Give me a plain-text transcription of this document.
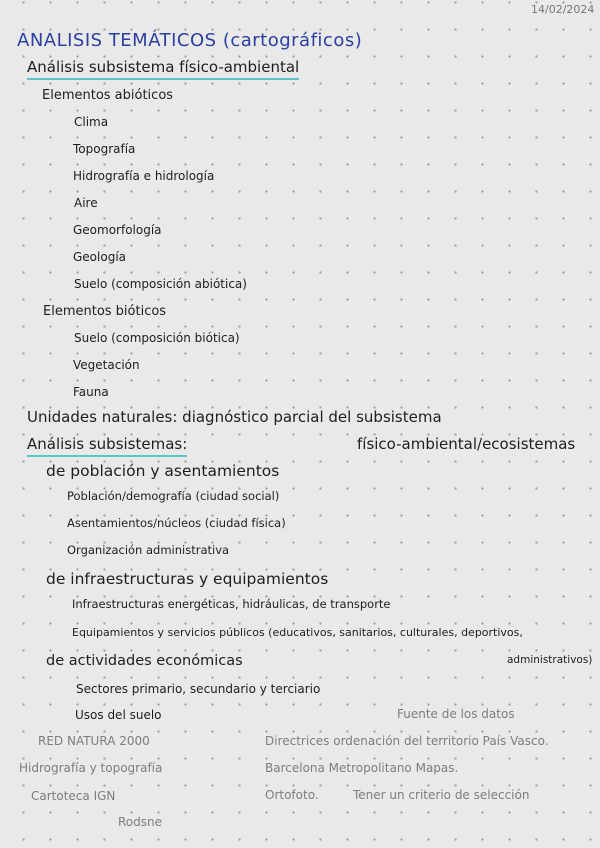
14/02/2024
ANALISIS TEMÁTICOS (cartográficos)
Análisis subsistema físico-ambiental
Elementos abióticos
Clima
Topografía
Hidrografía e hidrología
Aire
Geomorfología
Geología
Suelo (composición abiótica)
Elementos bióticos
Suelo (composición biótica)
Vegetación
Fauna
Unidades naturales: diagnóstico parcial del subsistema
Análisis subsistemas:	físico-ambiental/ecosistemas
de población y asentamientos
Población/demografía (ciudad social)
Asentamientos/núcleos (ciudad física)
Organización administrativa
de infraestructuras y equipamientos
Infraestructuras energéticas, hidráulicas, de transporte
Equipamientos y servicios públicos (educativos, sanitarios, culturales, deportivos,
administrativos)
de actividades económicas
Sectores primario, secundario y terciario
Usos del suelo	Fuente de los datos
RED NATURA 2000
Hidrografía y topografía
Cartoteca IGN
Rodsne
Directrices ordenación del territorio País Vasco.
Barcelona Metropolitano Mapas.
Ortofoto.	Tener un criterio de selección
